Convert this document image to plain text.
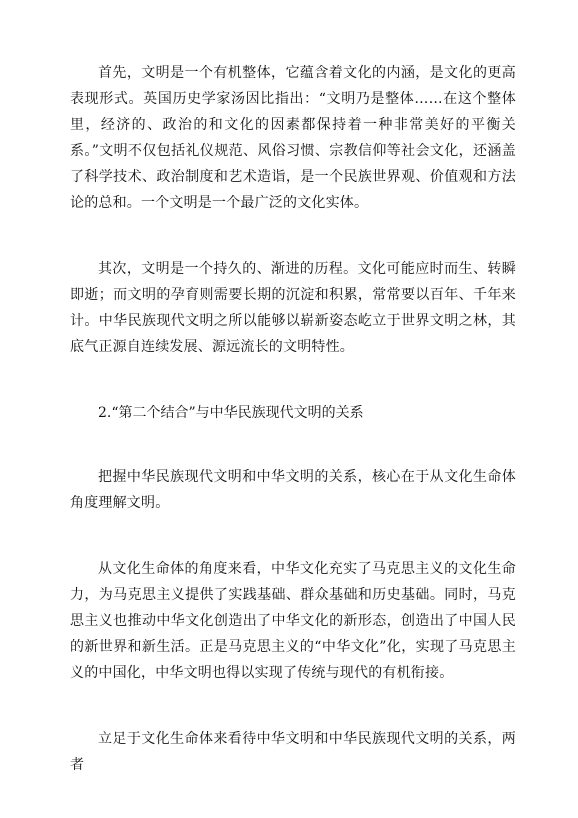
首先，文明是一个有机整体，它蕴含着文化的内涵，是文化的更高表现形式。英国历史学家汤因比指出：“文明乃是整体……在这个整体里，经济的、政治的和文化的因素都保持着一种非常美好的平衡关系。”文明不仅包括礼仪规范、风俗习惯、宗教信仰等社会文化，还涵盖了科学技术、政治制度和艺术造诣，是一个民族世界观、价值观和方法论的总和。一个文明是一个最广泛的文化实体。

其次，文明是一个持久的、渐进的历程。文化可能应时而生、转瞬即逝；而文明的孕育则需要长期的沉淀和积累，常常要以百年、千年来计。中华民族现代文明之所以能够以崭新姿态屹立于世界文明之林，其底气正源自连续发展、源远流长的文明特性。

2.“第二个结合”与中华民族现代文明的关系

把握中华民族现代文明和中华文明的关系，核心在于从文化生命体角度理解文明。

从文化生命体的角度来看，中华文化充实了马克思主义的文化生命力，为马克思主义提供了实践基础、群众基础和历史基础。同时，马克思主义也推动中华文化创造出了中华文化的新形态，创造出了中国人民的新世界和新生活。正是马克思主义的“中华文化”化，实现了马克思主义的中国化，中华文明也得以实现了传统与现代的有机衔接。

立足于文化生命体来看待中华文明和中华民族现代文明的关系，两者
